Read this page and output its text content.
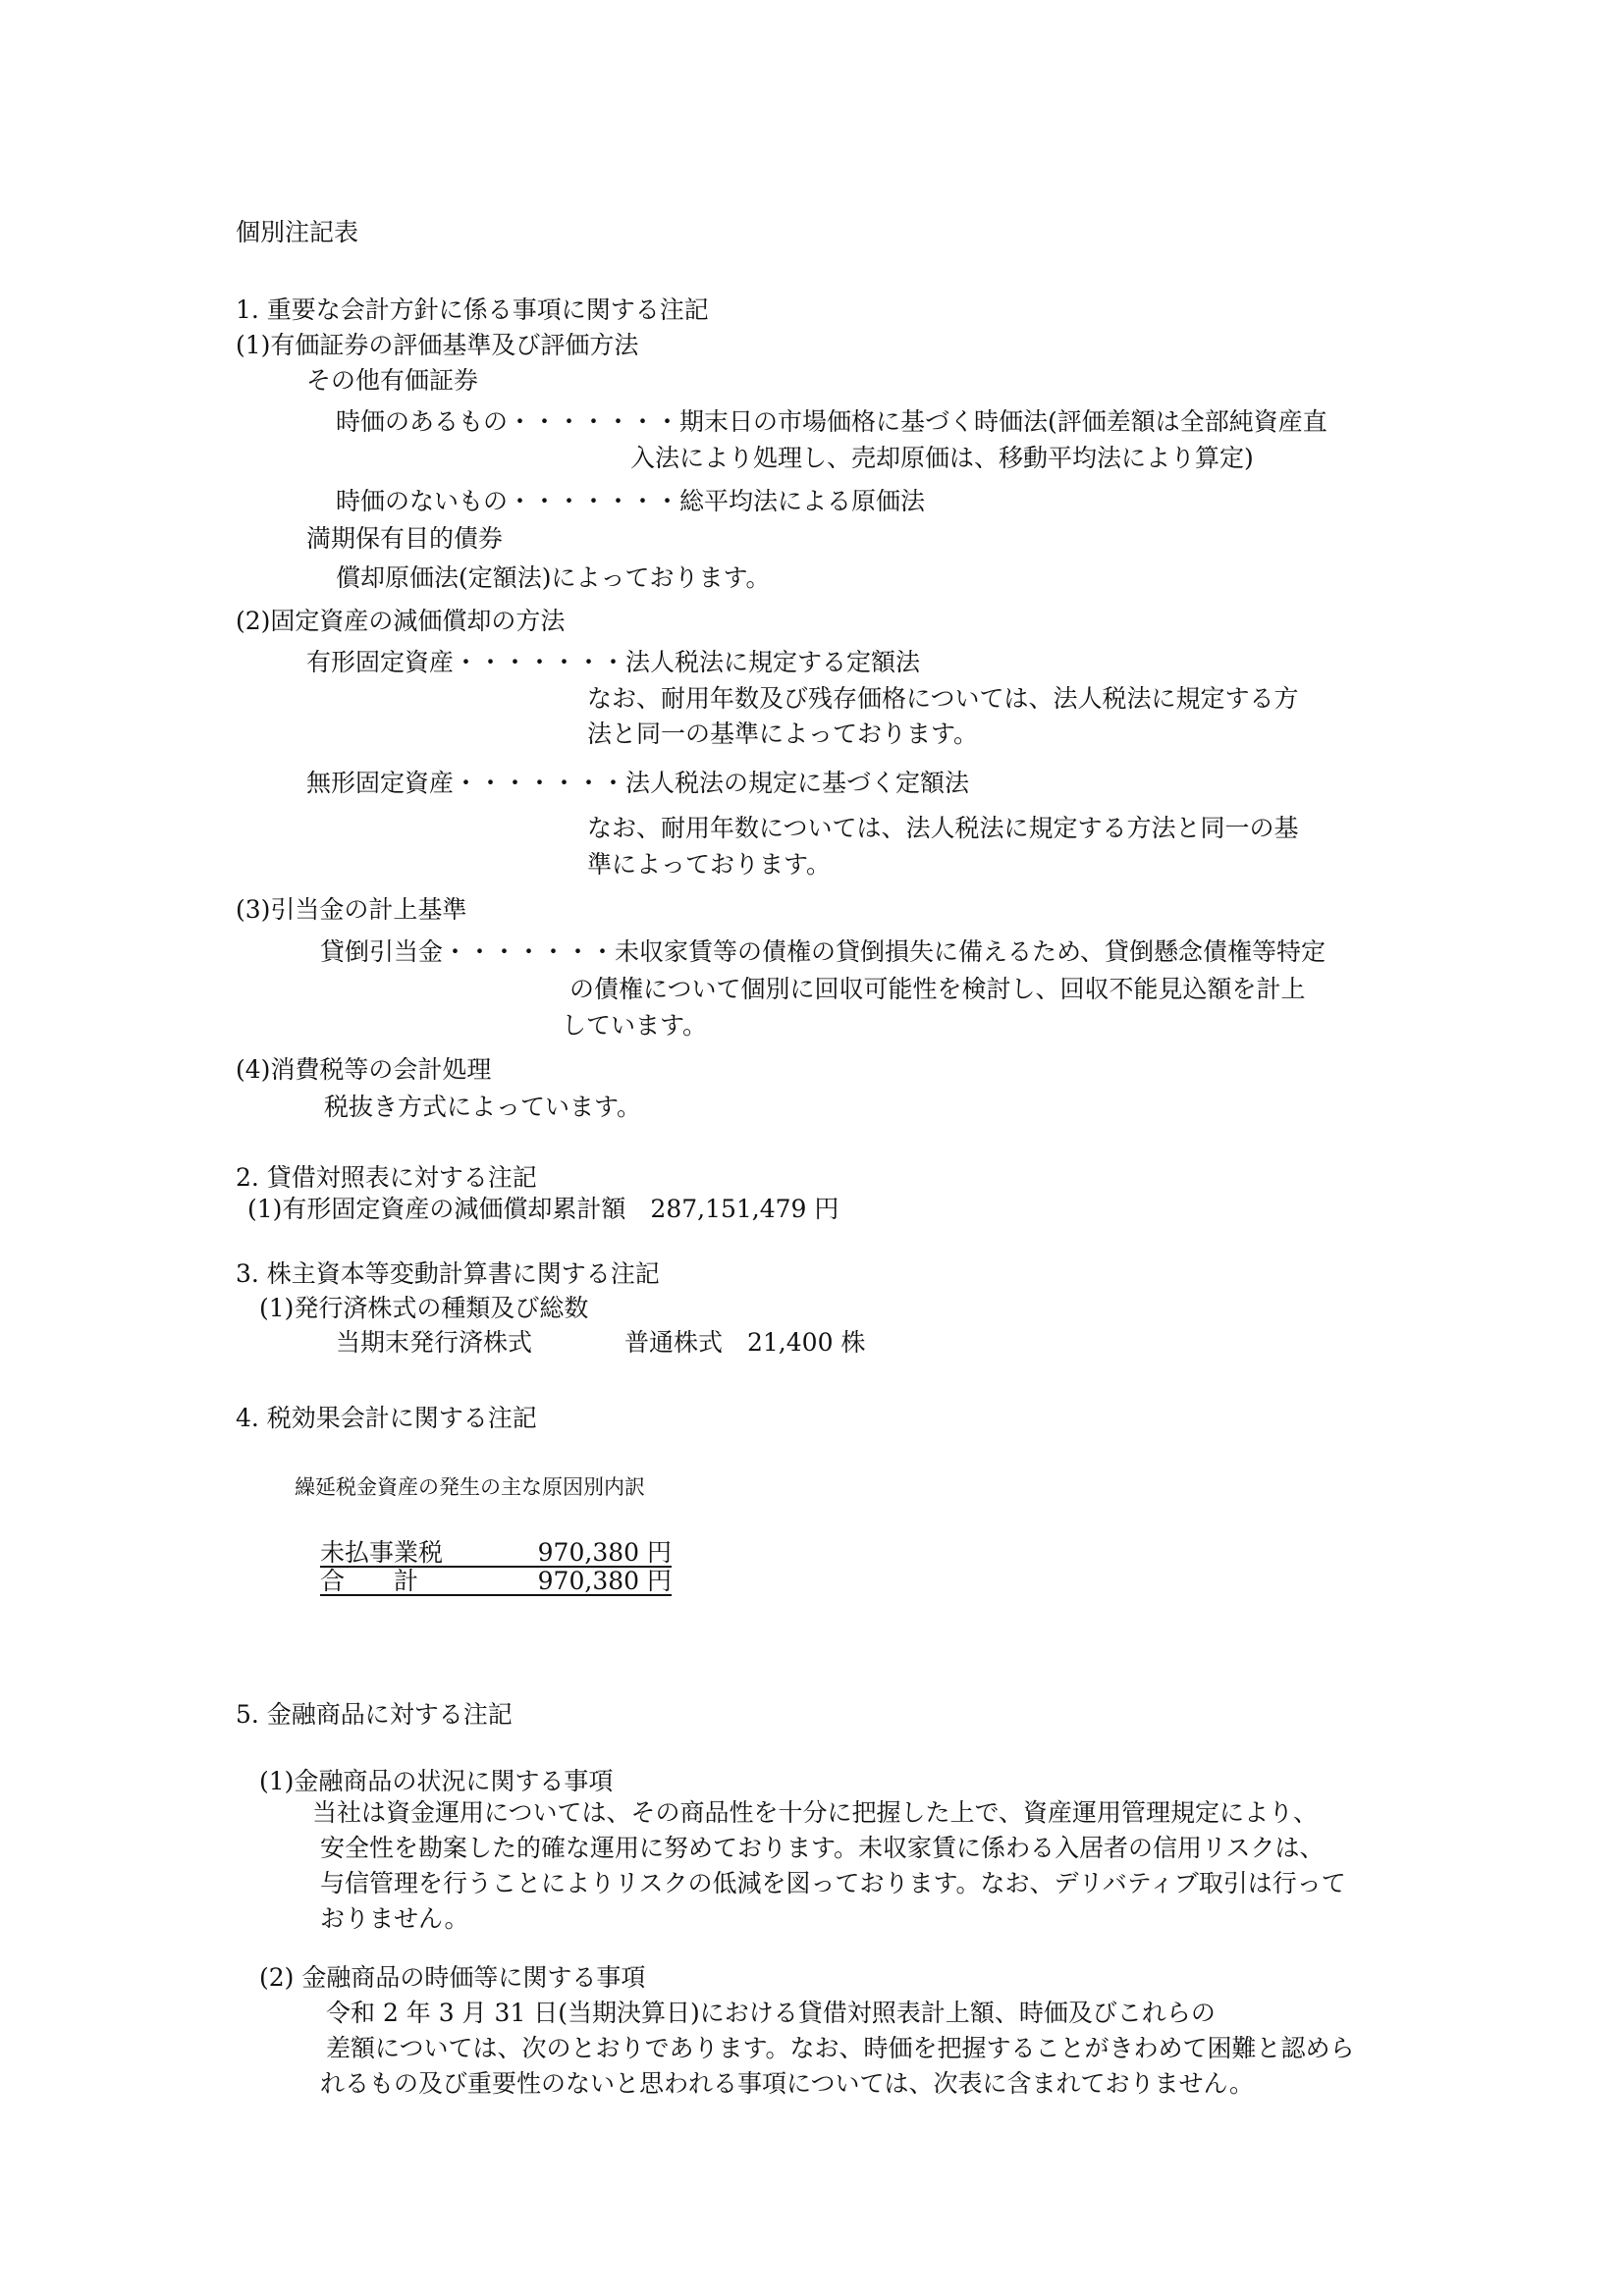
個別注記表
1. 重要な会計方針に係る事項に関する注記
(1)有価証券の評価基準及び評価方法
その他有価証券
時価のあるもの・・・・・・・期末日の市場価格に基づく時価法(評価差額は全部純資産直
入法により処理し、売却原価は、移動平均法により算定)
時価のないもの・・・・・・・総平均法による原価法
満期保有目的債券
償却原価法(定額法)によっております。
(2)固定資産の減価償却の方法
有形固定資産・・・・・・・法人税法に規定する定額法
なお、耐用年数及び残存価格については、法人税法に規定する方
法と同一の基準によっております。
無形固定資産・・・・・・・法人税法の規定に基づく定額法
なお、耐用年数については、法人税法に規定する方法と同一の基
準によっております。
(3)引当金の計上基準
貸倒引当金・・・・・・・未収家賃等の債権の貸倒損失に備えるため、貸倒懸念債権等特定
の債権について個別に回収可能性を検討し、回収不能見込額を計上
しています。
(4)消費税等の会計処理
税抜き方式によっています。
2. 貸借対照表に対する注記
(1)有形固定資産の減価償却累計額　287,151,479 円
3. 株主資本等変動計算書に関する注記
(1)発行済株式の種類及び総数
当期末発行済株式	普通株式　21,400 株
4. 税効果会計に関する注記
繰延税金資産の発生の主な原因別内訳
未払事業税	970,380 円
合　　計	970,380 円
5. 金融商品に対する注記
(1)金融商品の状況に関する事項
当社は資金運用については、その商品性を十分に把握した上で、資産運用管理規定により、
安全性を勘案した的確な運用に努めております。未収家賃に係わる入居者の信用リスクは、
与信管理を行うことによりリスクの低減を図っております。なお、デリバティブ取引は行って
おりません。
(2) 金融商品の時価等に関する事項
令和 2 年 3 月 31 日(当期決算日)における貸借対照表計上額、時価及びこれらの
差額については、次のとおりであります。なお、時価を把握することがきわめて困難と認めら
れるもの及び重要性のないと思われる事項については、次表に含まれておりません。
